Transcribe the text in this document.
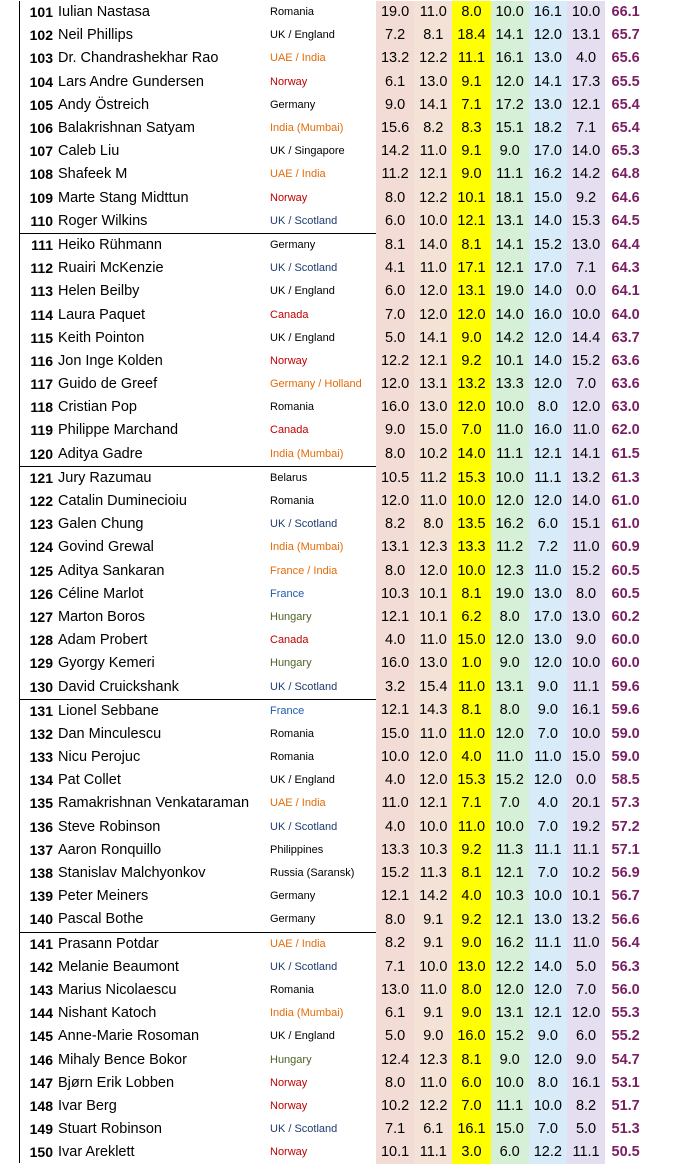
101	Iulian Nastasa	Romania	19.0	11.0	8.0	10.0	16.1	10.0	66.1
102	Neil Phillips	UK / England	7.2	8.1	18.4	14.1	12.0	13.1	65.7
103	Dr. Chandrashekhar Rao	UAE / India	13.2	12.2	11.1	16.1	13.0	4.0	65.6
104	Lars Andre Gundersen	Norway	6.1	13.0	9.1	12.0	14.1	17.3	65.5
105	Andy Östreich	Germany	9.0	14.1	7.1	17.2	13.0	12.1	65.4
106	Balakrishnan Satyam	India (Mumbai)	15.6	8.2	8.3	15.1	18.2	7.1	65.4
107	Caleb Liu	UK / Singapore	14.2	11.0	9.1	9.0	17.0	14.0	65.3
108	Shafeek M	UAE / India	11.2	12.1	9.0	11.1	16.2	14.2	64.8
109	Marte Stang Midttun	Norway	8.0	12.2	10.1	18.1	15.0	9.2	64.6
110	Roger Wilkins	UK / Scotland	6.0	10.0	12.1	13.1	14.0	15.3	64.5
111	Heiko Rühmann	Germany	8.1	14.0	8.1	14.1	15.2	13.0	64.4
112	Ruairi McKenzie	UK / Scotland	4.1	11.0	17.1	12.1	17.0	7.1	64.3
113	Helen Beilby	UK / England	6.0	12.0	13.1	19.0	14.0	0.0	64.1
114	Laura Paquet	Canada	7.0	12.0	12.0	14.0	16.0	10.0	64.0
115	Keith Pointon	UK / England	5.0	14.1	9.0	14.2	12.0	14.4	63.7
116	Jon Inge Kolden	Norway	12.2	12.1	9.2	10.1	14.0	15.2	63.6
117	Guido de Greef	Germany / Holland	12.0	13.1	13.2	13.3	12.0	7.0	63.6
118	Cristian Pop	Romania	16.0	13.0	12.0	10.0	8.0	12.0	63.0
119	Philippe Marchand	Canada	9.0	15.0	7.0	11.0	16.0	11.0	62.0
120	Aditya Gadre	India (Mumbai)	8.0	10.2	14.0	11.1	12.1	14.1	61.5
121	Jury Razumau	Belarus	10.5	11.2	15.3	10.0	11.1	13.2	61.3
122	Catalin Duminecioiu	Romania	12.0	11.0	10.0	12.0	12.0	14.0	61.0
123	Galen Chung	UK / Scotland	8.2	8.0	13.5	16.2	6.0	15.1	61.0
124	Govind Grewal	India (Mumbai)	13.1	12.3	13.3	11.2	7.2	11.0	60.9
125	Aditya Sankaran	France / India	8.0	12.0	10.0	12.3	11.0	15.2	60.5
126	Céline Marlot	France	10.3	10.1	8.1	19.0	13.0	8.0	60.5
127	Marton Boros	Hungary	12.1	10.1	6.2	8.0	17.0	13.0	60.2
128	Adam Probert	Canada	4.0	11.0	15.0	12.0	13.0	9.0	60.0
129	Gyorgy Kemeri	Hungary	16.0	13.0	1.0	9.0	12.0	10.0	60.0
130	David Cruickshank	UK / Scotland	3.2	15.4	11.0	13.1	9.0	11.1	59.6
131	Lionel Sebbane	France	12.1	14.3	8.1	8.0	9.0	16.1	59.6
132	Dan Minculescu	Romania	15.0	11.0	11.0	12.0	7.0	10.0	59.0
133	Nicu Perojuc	Romania	10.0	12.0	4.0	11.0	11.0	15.0	59.0
134	Pat Collet	UK / England	4.0	12.0	15.3	15.2	12.0	0.0	58.5
135	Ramakrishnan Venkataraman	UAE / India	11.0	12.1	7.1	7.0	4.0	20.1	57.3
136	Steve Robinson	UK / Scotland	4.0	10.0	11.0	10.0	7.0	19.2	57.2
137	Aaron Ronquillo	Philippines	13.3	10.3	9.2	11.3	11.1	11.1	57.1
138	Stanislav Malchyonkov	Russia (Saransk)	15.2	11.3	8.1	12.1	7.0	10.2	56.9
139	Peter Meiners	Germany	12.1	14.2	4.0	10.3	10.0	10.1	56.7
140	Pascal Bothe	Germany	8.0	9.1	9.2	12.1	13.0	13.2	56.6
141	Prasann Potdar	UAE / India	8.2	9.1	9.0	16.2	11.1	11.0	56.4
142	Melanie Beaumont	UK / Scotland	7.1	10.0	13.0	12.2	14.0	5.0	56.3
143	Marius Nicolaescu	Romania	13.0	11.0	8.0	12.0	12.0	7.0	56.0
144	Nishant Katoch	India (Mumbai)	6.1	9.1	9.0	13.1	12.1	12.0	55.3
145	Anne-Marie Rosoman	UK / England	5.0	9.0	16.0	15.2	9.0	6.0	55.2
146	Mihaly Bence Bokor	Hungary	12.4	12.3	8.1	9.0	12.0	9.0	54.7
147	Bjørn Erik Lobben	Norway	8.0	11.0	6.0	10.0	8.0	16.1	53.1
148	Ivar Berg	Norway	10.2	12.2	7.0	11.1	10.0	8.2	51.7
149	Stuart Robinson	UK / Scotland	7.1	6.1	16.1	15.0	7.0	5.0	51.3
150	Ivar Areklett	Norway	10.1	11.1	3.0	6.0	12.2	11.1	50.5
